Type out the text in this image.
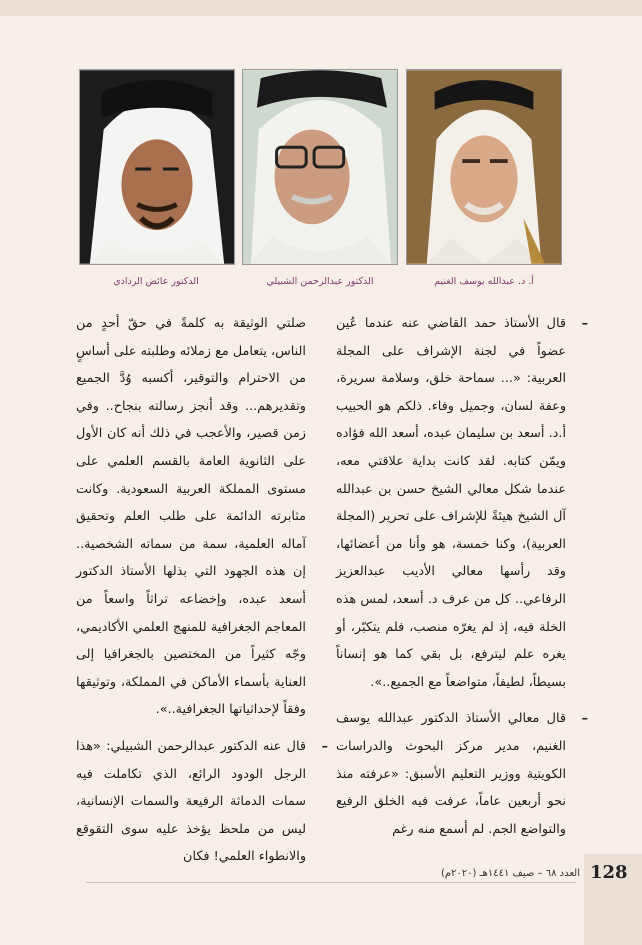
أ. د. عبدالله يوسف الغنيم
الدكتور عبدالرحمن الشبيلي
الدكتور عائض الردادي

–
قال الأستاذ حمد القاضي عنه عندما عُين عضواً في لجنة الإشراف على المجلة العربية: «... سماحة خلق، وسلامة سريرة، وعفة لسان، وجميل وفاء. ذلكم هو الحبيب أ.د. أسعد بن سليمان عبده، أسعد الله فؤاده ويمّن كتابه. لقد كانت بداية علاقتي معه، عندما شكل معالي الشيخ حسن بن عبدالله آل الشيخ هيئةً للإشراف على تحرير (المجلة العربية)، وكنا خمسة، هو وأنا من أعضائها، وقد رأسها معالي الأديب عبدالعزيز الرفاعي.. كل من عرف د. أسعد، لمس هذه الخلة فيه، إذ لم يغرّه منصب، فلم يتكبّر، أو يغره علم ليترفع، بل بقي كما هو إنساناً بسيطاً، لطيفاً، متواضعاً مع الجميع..».

–
قال معالي الأستاذ الدكتور عبدالله يوسف الغنيم، مدير مركز البحوث والدراسات الكويتية ووزير التعليم الأسبق: «عرفته منذ نحو أربعين عاماً، عرفت فيه الخلق الرفيع والتواضع الجم. لم أسمع منه رغم

صلتي الوثيقة به كلمةً في حقّ أحدٍ من الناس، يتعامل مع زملائه وطلبته على أساسٍ من الاحترام والتوقير، أكسبه وُدَّ الجميع وتقديرهم... وقد أنجز رسالته بنجاح.. وفي زمن قصير، والأعجب في ذلك أنه كان الأول على الثانوية العامة بالقسم العلمي على مستوى المملكة العربية السعودية. وكانت مثابرته الدائمة على طلب العلم وتحقيق آماله العلمية، سمة من سماته الشخصية.. إن هذه الجهود التي بذلها الأستاذ الدكتور أسعد عبده، وإخضاعه تراثاً واسعاً من المعاجم الجغرافية للمنهج العلمي الأكاديمي، وجّه كثيراً من المختصين بالجغرافيا إلى العناية بأسماء الأماكن في المملكة، وتوثيقها وفقاً لإحداثياتها الجغرافية..».

–
قال عنه الدكتور عبدالرحمن الشبيلي: «هذا الرجل الودود الرائع، الذي تكاملت فيه سمات الدماثة الرفيعة والسمات الإنسانية، ليس من ملحظ يؤخذ عليه سوى التقوقع والانطواء العلمي! فكان

128
العدد ٦٨ – صيف ١٤٤١هـ (٢٠٢٠م)
